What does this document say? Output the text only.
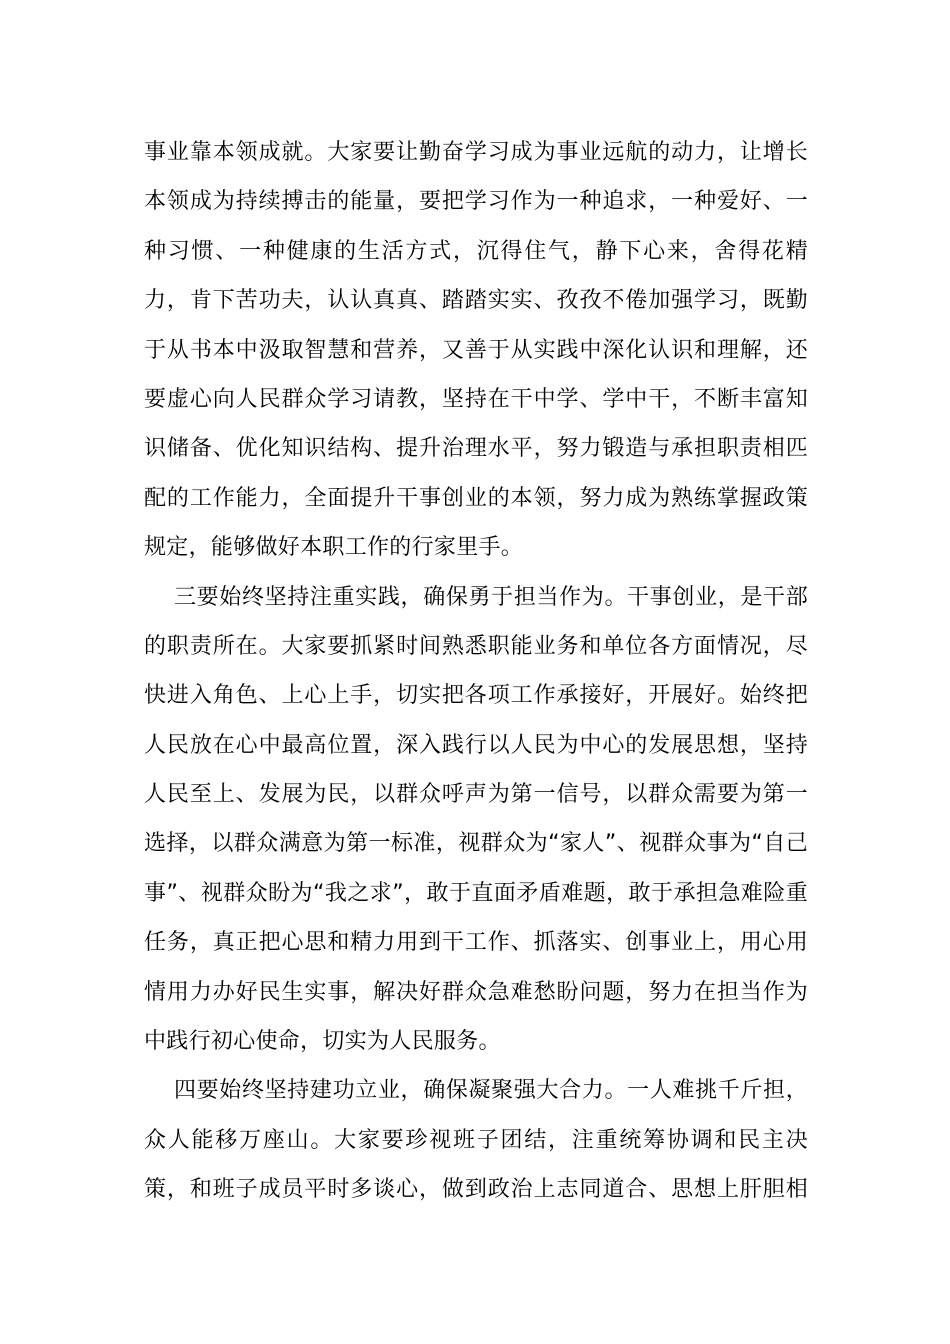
事业靠本领成就。大家要让勤奋学习成为事业远航的动力，让增长
本领成为持续搏击的能量，要把学习作为一种追求，一种爱好、一
种习惯、一种健康的生活方式，沉得住气，静下心来，舍得花精
力，肯下苦功夫，认认真真、踏踏实实、孜孜不倦加强学习，既勤
于从书本中汲取智慧和营养，又善于从实践中深化认识和理解，还
要虚心向人民群众学习请教，坚持在干中学、学中干，不断丰富知
识储备、优化知识结构、提升治理水平，努力锻造与承担职责相匹
配的工作能力，全面提升干事创业的本领，努力成为熟练掌握政策
规定，能够做好本职工作的行家里手。
三要始终坚持注重实践，确保勇于担当作为。干事创业，是干部
的职责所在。大家要抓紧时间熟悉职能业务和单位各方面情况，尽
快进入角色、上心上手，切实把各项工作承接好，开展好。始终把
人民放在心中最高位置，深入践行以人民为中心的发展思想，坚持
人民至上、发展为民，以群众呼声为第一信号，以群众需要为第一
选择，以群众满意为第一标准，视群众为“家人”、视群众事为“自己
事”、视群众盼为“我之求”，敢于直面矛盾难题，敢于承担急难险重
任务，真正把心思和精力用到干工作、抓落实、创事业上，用心用
情用力办好民生实事，解决好群众急难愁盼问题，努力在担当作为
中践行初心使命，切实为人民服务。
四要始终坚持建功立业，确保凝聚强大合力。一人难挑千斤担，
众人能移万座山。大家要珍视班子团结，注重统筹协调和民主决
策，和班子成员平时多谈心，做到政治上志同道合、思想上肝胆相
